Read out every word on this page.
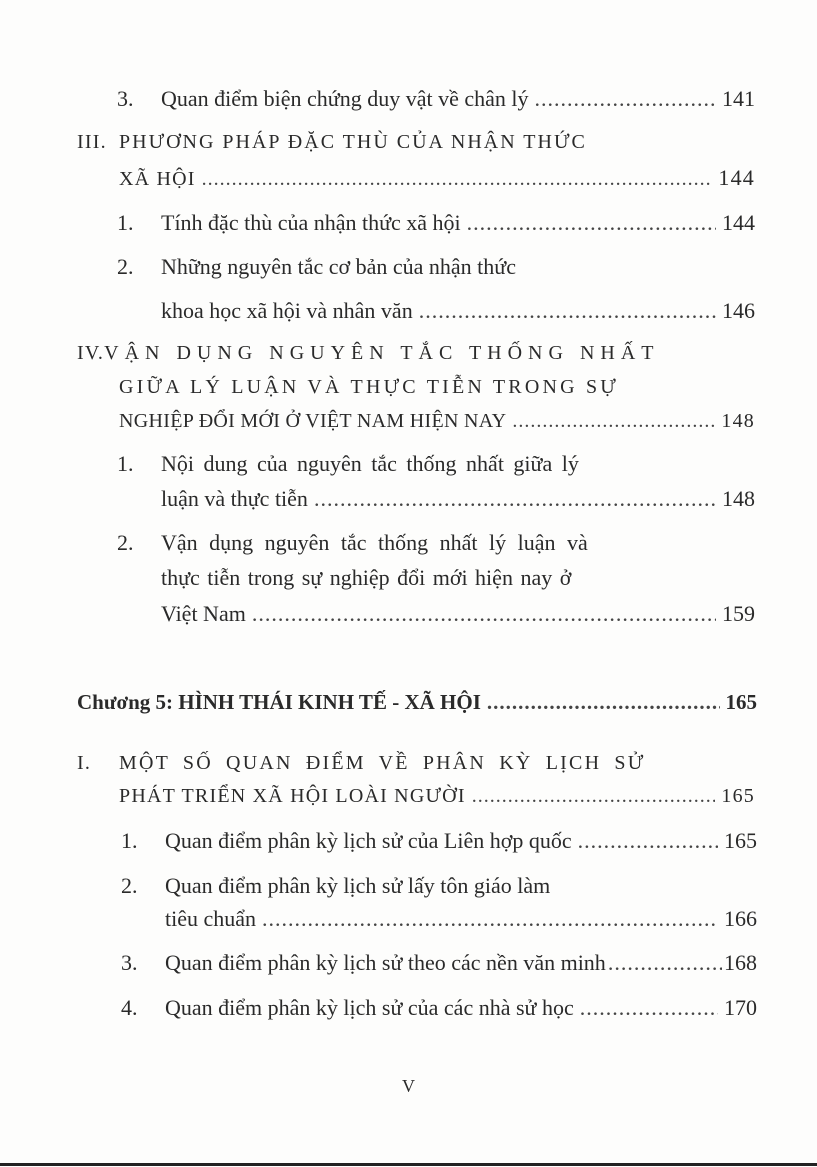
3.	Quan điểm biện chứng duy vật về chân lý .....	141
III. PHƯƠNG PHÁP ĐẶC THÙ CỦA NHẬN THỨC
XÃ HỘI .....	144
1.	Tính đặc thù của nhận thức xã hội .....	144
2. Những nguyên tắc cơ bản của nhận thức
khoa học xã hội và nhân văn .....	146
IV. VẬN DỤNG NGUYÊN TẮC THỐNG NHẤT
GIỮA LÝ LUẬN VÀ THỰC TIỄN TRONG SỰ
NGHIỆP ĐỔI MỚI Ở VIỆT NAM HIỆN NAY .....	148
1. Nội dung của nguyên tắc thống nhất giữa lý
luận và thực tiễn .....	148
2. Vận dụng nguyên tắc thống nhất lý luận và
thực tiễn trong sự nghiệp đổi mới hiện nay ở
Việt Nam .....	159
Chương 5: HÌNH THÁI KINH TẾ - XÃ HỘI .....	165
I. MỘT SỐ QUAN ĐIỂM VỀ PHÂN KỲ LỊCH SỬ
PHÁT TRIỂN XÃ HỘI LOÀI NGƯỜI .....	165
1.	Quan điểm phân kỳ lịch sử của Liên hợp quốc .....	165
2. Quan điểm phân kỳ lịch sử lấy tôn giáo làm
tiêu chuẩn .....	166
3.	Quan điểm phân kỳ lịch sử theo các nền văn minh .....	168
4.	Quan điểm phân kỳ lịch sử của các nhà sử học .....	170
V
